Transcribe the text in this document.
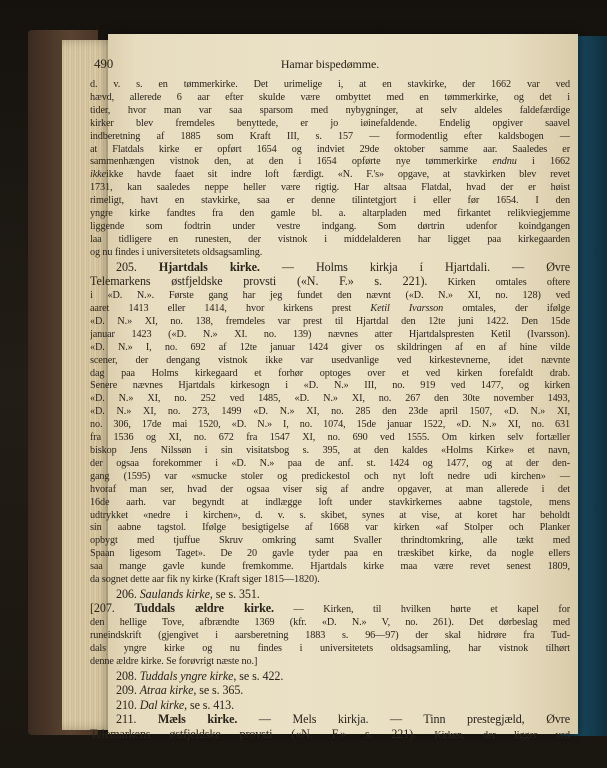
490	Hamar bispedømme.
d. v. s. en tømmerkirke. Det urimelige i, at en stavkirke, der 1662 var ved
hævd, allerede 6 aar efter skulde være ombyttet med en tømmerkirke, og det i
tider, hvor man var saa sparsom med nybygninger, at selv aldeles faldefærdige
kirker blev fremdeles benyttede, er jo iøinefaldende. Endelig opgiver saavel
indberetning af 1885 som Kraft III, s. 157 — formodentlig efter kaldsbogen —
at Flatdals kirke er opført 1654 og indviet 29de oktober samme aar. Saaledes er
sammenhængen vistnok den, at den i 1654 opførte nye tømmerkirke endnu i 1662
ikkeikke havde faaet sit indre loft færdigt. «N. F.'s» opgave, at stavkirken blev revet
1731, kan saaledes neppe heller være rigtig. Har altsaa Flatdal, hvad der er høist
rimeligt, havt en stavkirke, saa er denne tilintetgjort i eller før 1654. I den
yngre kirke fandtes fra den gamle bl. a. altarpladen med firkantet relikviegjemme
liggende som fodtrin under vestre indgang. Som dørtrin udenfor koindgangen
laa tidligere en runesten, der vistnok i middelalderen har ligget paa kirkegaarden
og nu findes i universitetets oldsagsamling.
205. Hjartdals kirke. — Holms kirkja í Hjartdali. — Øvre
Telemarkens østfjeldske provsti («N. F.» s. 221). Kirken omtales oftere
i «D. N.». Første gang har jeg fundet den nævnt («D. N.» XI, no. 128) ved
aaret 1413 eller 1414, hvor kirkens prest Ketil Ivarsson omtales, der ifølge
«D. N.» XI, no. 138, fremdeles var prest til Hjartdal den 12te juni 1422. Den 15de
januar 1423 («D. N.» XI. no. 139) nævnes atter Hjartdalspresten Ketil (Ivarsson).
«D. N.» I, no. 692 af 12te januar 1424 giver os skildringen af en af hine vilde
scener, der dengang vistnok ikke var usedvanlige ved kirkestevnerne, idet nævnte
dag paa Holms kirkegaard et forhør optoges over et ved kirken forefaldt drab.
Senere nævnes Hjartdals kirkesogn i «D. N.» III, no. 919 ved 1477, og kirken
«D. N.» XI, no. 252 ved 1485, «D. N.» XI, no. 267 den 30te november 1493,
«D. N.» XI, no. 273, 1499 «D. N.» XI, no. 285 den 23de april 1507, «D. N.» XI,
no. 306, 17de mai 1520, «D. N.» I, no. 1074, 15de januar 1522, «D. N.» XI, no. 631
fra 1536 og XI, no. 672 fra 1547 XI, no. 690 ved 1555. Om kirken selv fortæller
biskop Jens Nilssøn i sin visitatsbog s. 395, at den kaldes «Holms Kirke» et navn,
der ogsaa forekommer i «D. N.» paa de anf. st. 1424 og 1477, og at der den-
gang (1595) var «smucke stoler og predickestol och nyt loft nedre udi kirchen» —
hvoraf man ser, hvad der ogsaa viser sig af andre opgaver, at man allerede i det
16de aarh. var begyndt at indlægge loft under stavkirkernes aabne tagstole, mens
udtrykket «nedre i kirchen», d. v. s. skibet, synes at vise, at koret har beholdt
sin aabne tagstol. Ifølge besigtigelse af 1668 var kirken «af Stolper och Planker
opbygt med tjuffue Skruv omkring samt Svaller thrindtomkring, alle tækt med
Spaan ligesom Taget». De 20 gavle tyder paa en træskibet kirke, da nogle ellers
saa mange gavle kunde fremkomme. Hjartdals kirke maa være revet senest 1809,
da sognet dette aar fik ny kirke (Kraft siger 1815—1820).
206. Saulands kirke, se s. 351.
[207. Tuddals ældre kirke. — Kirken, til hvilken hørte et kapel for
den hellige Tove, afbrændte 1369 (kfr. «D. N.» V, no. 261). Det dørbeslag med
runeindskrift (gjengivet i aarsberetning 1883 s. 96—97) der skal hidrøre fra Tud-
dals yngre kirke og nu findes i universitetets oldsagsamling, har vistnok tilhørt
denne ældre kirke. Se forøvrigt næste no.]
208. Tuddals yngre kirke, se s. 422.
209. Atraa kirke, se s. 365.
210. Dal kirke, se s. 413.
211. Mæls kirke. — Mels kirkja. — Tinn prestegjæld, Øvre
Telemarkens østfjeldske provsti («N. F.» s. 221). Kirken, der ligger ved
